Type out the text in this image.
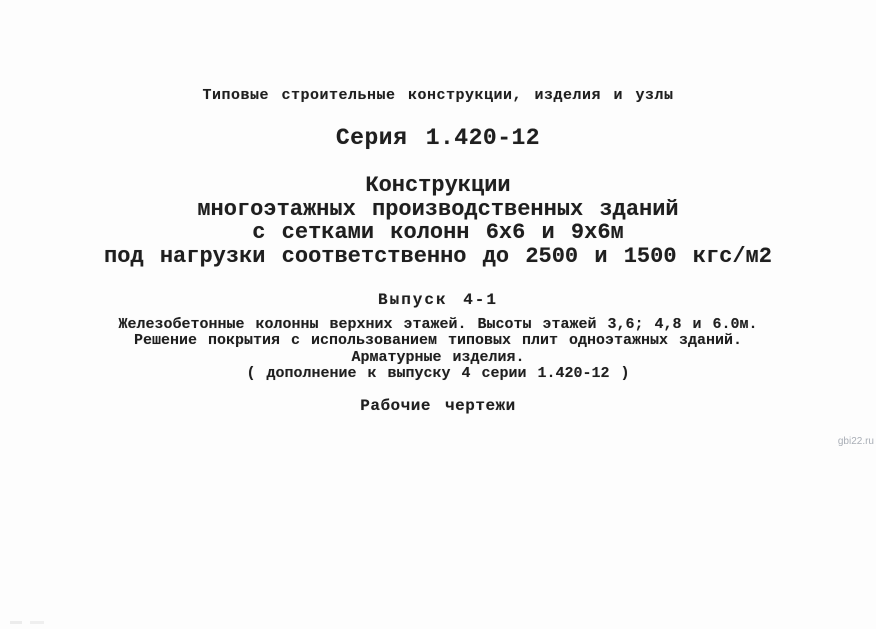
Типовые строительные конструкции, изделия и узлы
Серия 1.420-12
Конструкции
многоэтажных производственных зданий
с сетками колонн 6х6 и 9х6м
под нагрузки соответственно до 2500 и 1500 кгс/м2
Выпуск 4-1
Железобетонные колонны верхних этажей. Высоты этажей 3,6; 4,8 и 6.0м.
Решение покрытия с использованием типовых плит одноэтажных зданий.
Арматурные изделия.
( дополнение к выпуску 4 серии 1.420-12 )
Рабочие чертежи
gbi22.ru
